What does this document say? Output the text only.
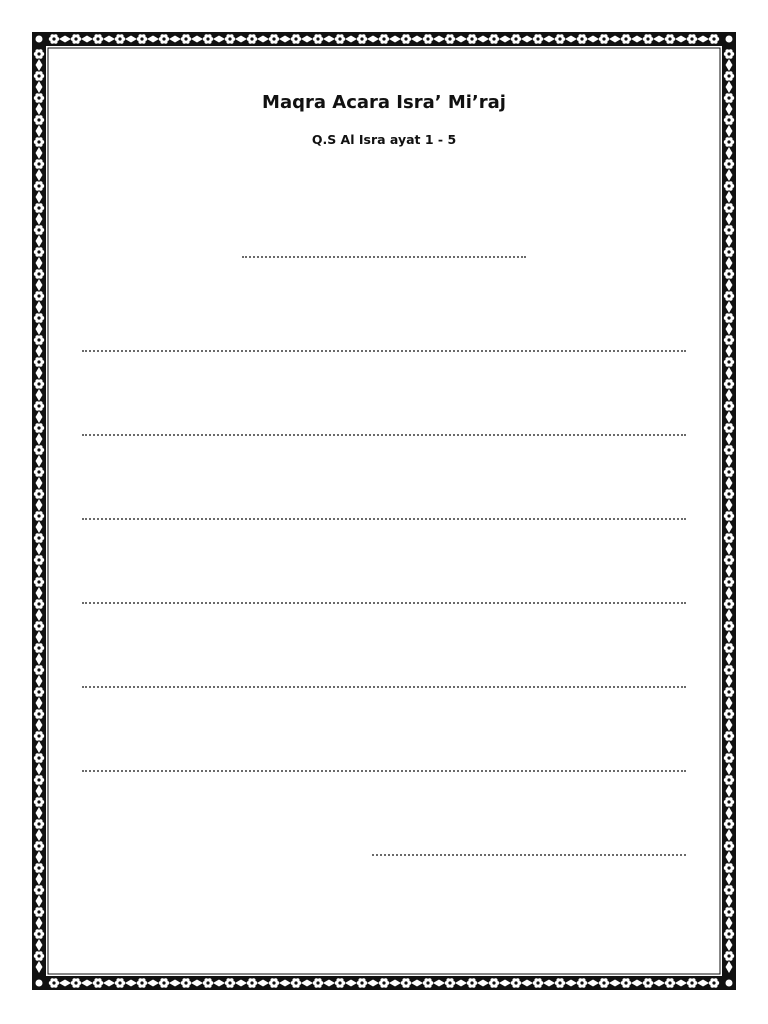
Maqra Acara Isra’ Mi’raj
Q.S Al Isra ayat 1 - 5
